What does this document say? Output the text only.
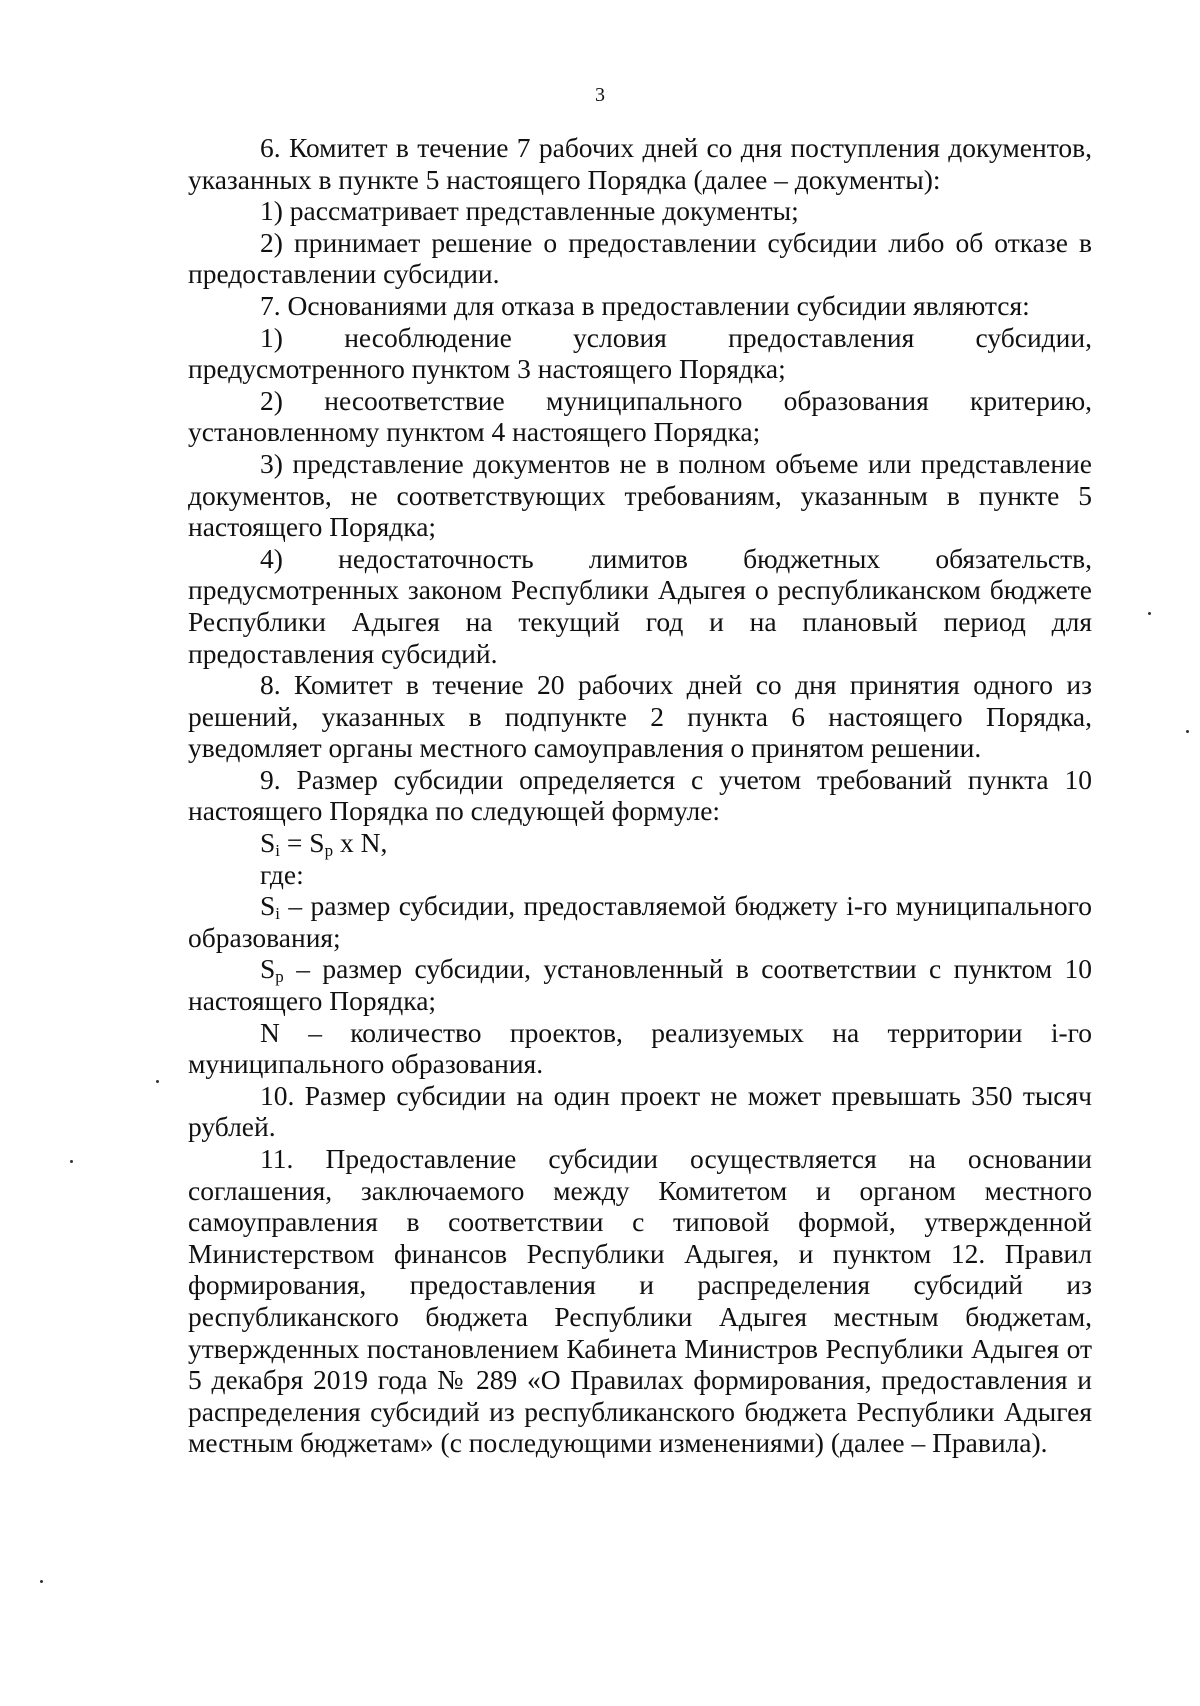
3

6. Комитет в течение 7 рабочих дней со дня поступления документов, указанных в пункте 5 настоящего Порядка (далее – документы):

1) рассматривает представленные документы;

2) принимает решение о предоставлении субсидии либо об отказе в предоставлении субсидии.

7. Основаниями для отказа в предоставлении субсидии являются:

1) несоблюдение условия предоставления субсидии, предусмотренного пунктом 3 настоящего Порядка;

2) несоответствие муниципального образования критерию, установленному пунктом 4 настоящего Порядка;

3) представление документов не в полном объеме или представление документов, не соответствующих требованиям, указанным в пункте 5 настоящего Порядка;

4) недостаточность лимитов бюджетных обязательств, предусмотренных законом Республики Адыгея о республиканском бюджете Республики Адыгея на текущий год и на плановый период для предоставления субсидий.

8. Комитет в течение 20 рабочих дней со дня принятия одного из решений, указанных в подпункте 2 пункта 6 настоящего Порядка, уведомляет органы местного самоуправления о принятом решении.

9. Размер субсидии определяется с учетом требований пункта 10 настоящего Порядка по следующей формуле:

$S_i = S_p$ x N,

где:

$S_i$ – размер субсидии, предоставляемой бюджету i-го муниципального образования;

$S_p$ – размер субсидии, установленный в соответствии с пунктом 10 настоящего Порядка;

N – количество проектов, реализуемых на территории i-го муниципального образования.

10. Размер субсидии на один проект не может превышать 350 тысяч рублей.

11. Предоставление субсидии осуществляется на основании соглашения, заключаемого между Комитетом и органом местного самоуправления в соответствии с типовой формой, утвержденной Министерством финансов Республики Адыгея, и пунктом 12. Правил формирования, предоставления и распределения субсидий из республиканского бюджета Республики Адыгея местным бюджетам, утвержденных постановлением Кабинета Министров Республики Адыгея от 5 декабря 2019 года № 289 «О Правилах формирования, предоставления и распределения субсидий из республиканского бюджета Республики Адыгея местным бюджетам» (с последующими изменениями) (далее – Правила).
